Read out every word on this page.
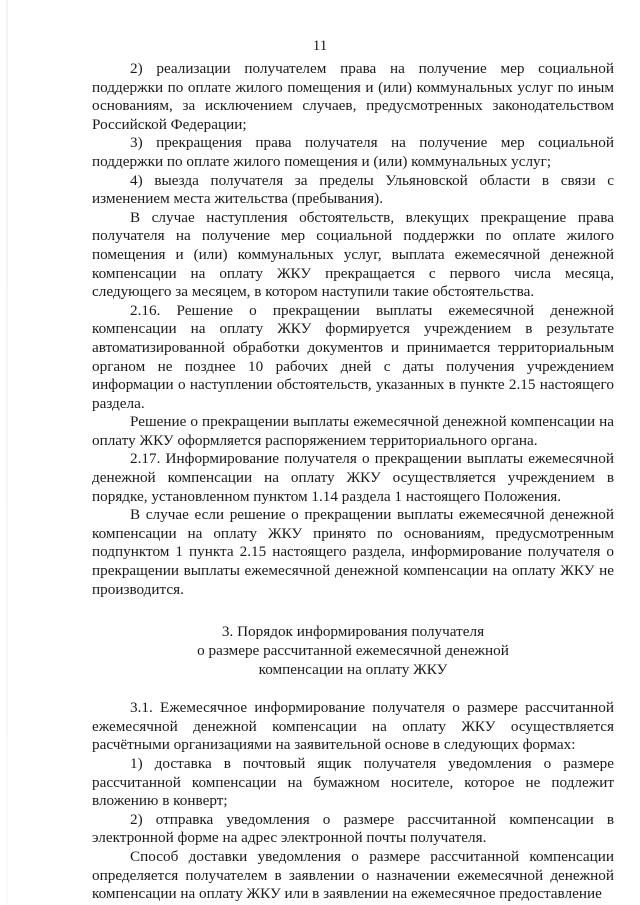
11

2) реализации получателем права на получение мер социальной поддержки по оплате жилого помещения и (или) коммунальных услуг по иным основаниям, за исключением случаев, предусмотренных законодательством Российской Федерации;

3) прекращения права получателя на получение мер социальной поддержки по оплате жилого помещения и (или) коммунальных услуг;

4) выезда получателя за пределы Ульяновской области в связи с изменением места жительства (пребывания).

В случае наступления обстоятельств, влекущих прекращение права получателя на получение мер социальной поддержки по оплате жилого помещения и (или) коммунальных услуг, выплата ежемесячной денежной компенсации на оплату ЖКУ прекращается с первого числа месяца, следующего за месяцем, в котором наступили такие обстоятельства.

2.16. Решение о прекращении выплаты ежемесячной денежной компенсации на оплату ЖКУ формируется учреждением в результате автоматизированной обработки документов и принимается территориальным органом не позднее 10 рабочих дней с даты получения учреждением информации о наступлении обстоятельств, указанных в пункте 2.15 настоящего раздела.

Решение о прекращении выплаты ежемесячной денежной компенсации на оплату ЖКУ оформляется распоряжением территориального органа.

2.17. Информирование получателя о прекращении выплаты ежемесячной денежной компенсации на оплату ЖКУ осуществляется учреждением в порядке, установленном пунктом 1.14 раздела 1 настоящего Положения.

В случае если решение о прекращении выплаты ежемесячной денежной компенсации на оплату ЖКУ принято по основаниям, предусмотренным подпунктом 1 пункта 2.15 настоящего раздела, информирование получателя о прекращении выплаты ежемесячной денежной компенсации на оплату ЖКУ не производится.

3. Порядок информирования получателя
о размере рассчитанной ежемесячной денежной
компенсации на оплату ЖКУ

3.1. Ежемесячное информирование получателя о размере рассчитанной ежемесячной денежной компенсации на оплату ЖКУ осуществляется расчётными организациями на заявительной основе в следующих формах:

1) доставка в почтовый ящик получателя уведомления о размере рассчитанной компенсации на бумажном носителе, которое не подлежит вложению в конверт;

2) отправка уведомления о размере рассчитанной компенсации в электронной форме на адрес электронной почты получателя.

Способ доставки уведомления о размере рассчитанной компенсации определяется получателем в заявлении о назначении ежемесячной денежной компенсации на оплату ЖКУ или в заявлении на ежемесячное предоставление
